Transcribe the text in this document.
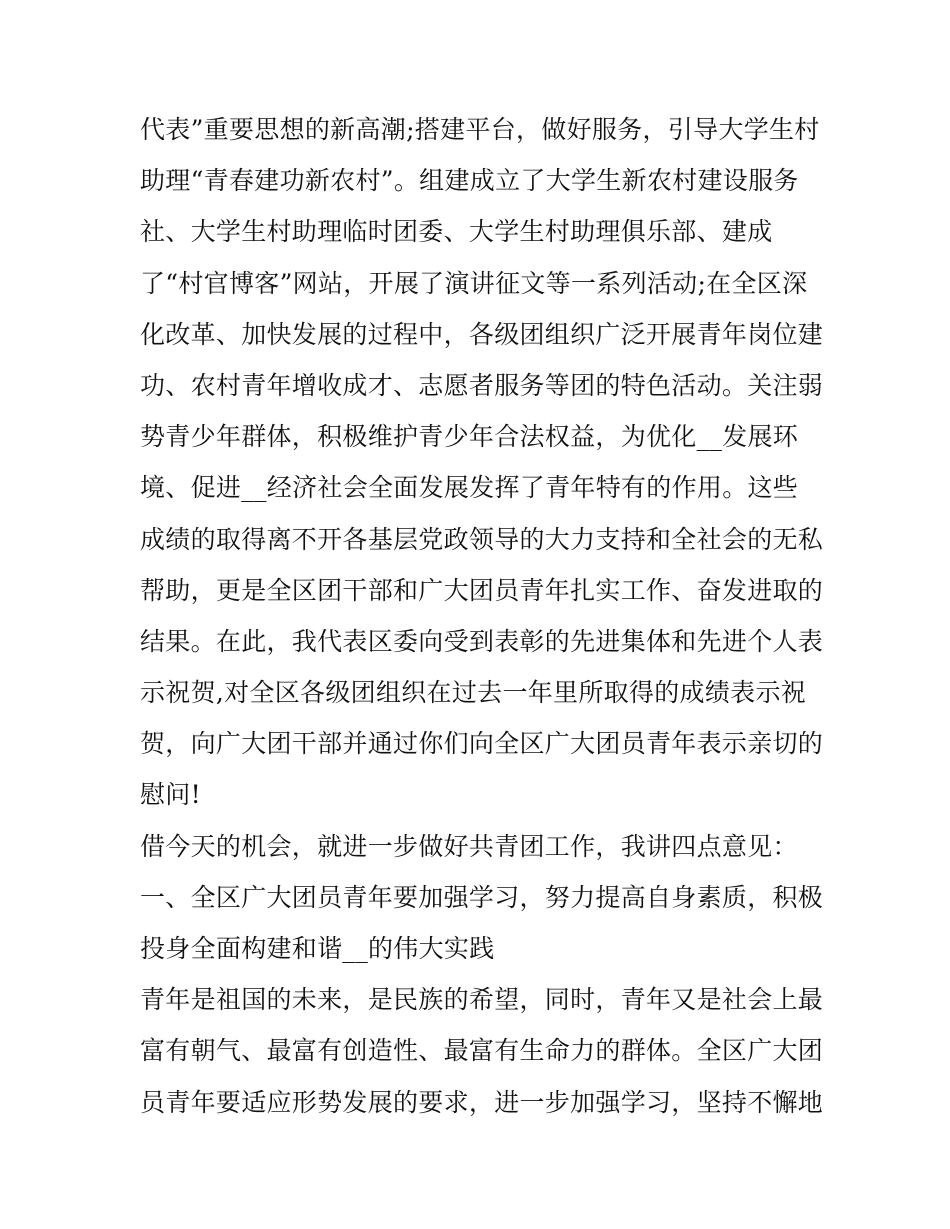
代表”重要思想的新高潮;搭建平台，做好服务，引导大学生村
助理“青春建功新农村”。组建成立了大学生新农村建设服务
社、大学生村助理临时团委、大学生村助理俱乐部、建成
了“村官博客”网站，开展了演讲征文等一系列活动;在全区深
化改革、加快发展的过程中，各级团组织广泛开展青年岗位建
功、农村青年增收成才、志愿者服务等团的特色活动。关注弱
势青少年群体，积极维护青少年合法权益，为优化__发展环
境、促进__经济社会全面发展发挥了青年特有的作用。这些
成绩的取得离不开各基层党政领导的大力支持和全社会的无私
帮助，更是全区团干部和广大团员青年扎实工作、奋发进取的
结果。在此，我代表区委向受到表彰的先进集体和先进个人表
示祝贺,对全区各级团组织在过去一年里所取得的成绩表示祝
贺，向广大团干部并通过你们向全区广大团员青年表示亲切的
慰问!
借今天的机会，就进一步做好共青团工作，我讲四点意见：
一、全区广大团员青年要加强学习，努力提高自身素质，积极
投身全面构建和谐__的伟大实践
青年是祖国的未来，是民族的希望，同时，青年又是社会上最
富有朝气、最富有创造性、最富有生命力的群体。全区广大团
员青年要适应形势发展的要求，进一步加强学习，坚持不懈地
